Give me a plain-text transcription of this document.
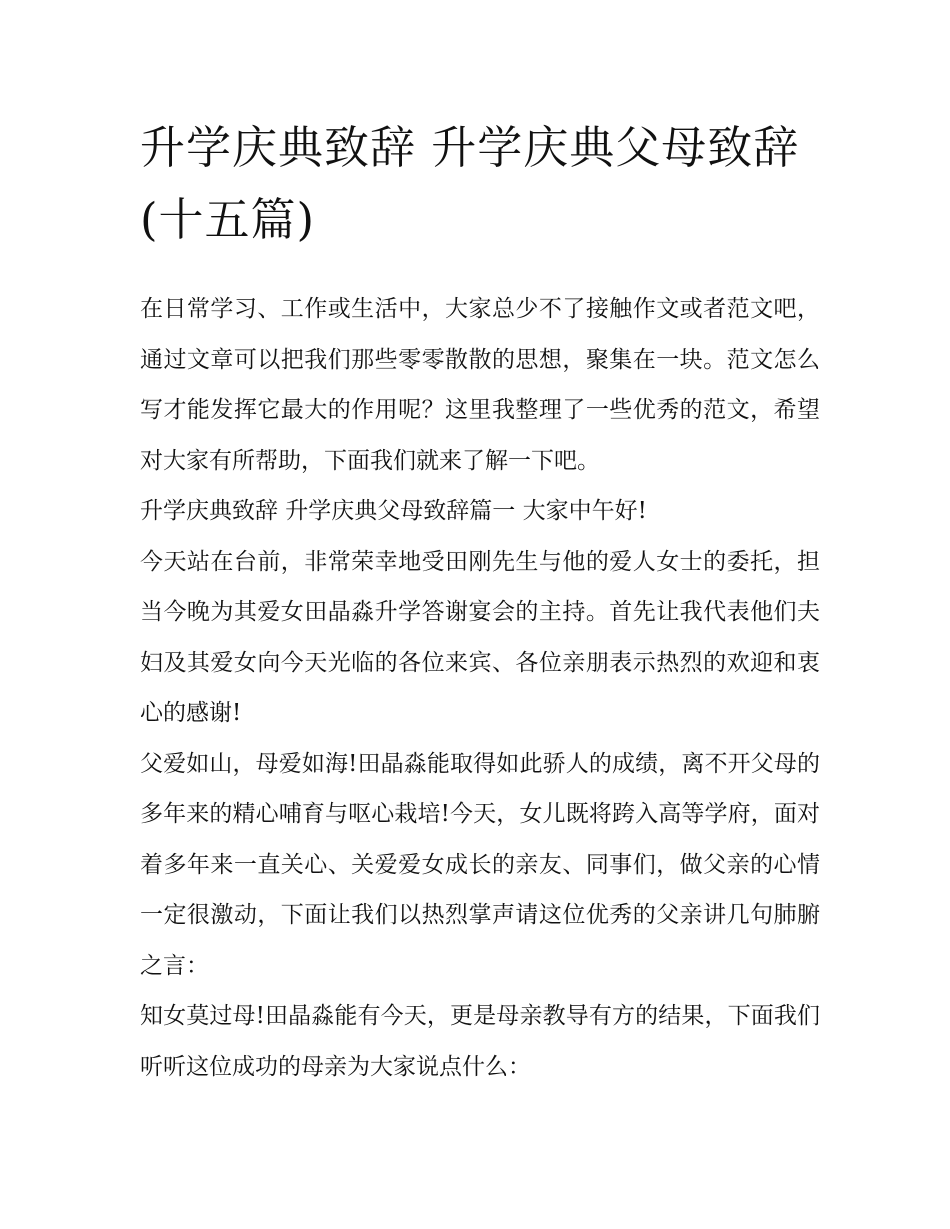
升学庆典致辞 升学庆典父母致辞(十五篇)

在日常学习、工作或生活中，大家总少不了接触作文或者范文吧，通过文章可以把我们那些零零散散的思想，聚集在一块。范文怎么写才能发挥它最大的作用呢？这里我整理了一些优秀的范文，希望对大家有所帮助，下面我们就来了解一下吧。

升学庆典致辞 升学庆典父母致辞篇一 大家中午好!

今天站在台前，非常荣幸地受田刚先生与他的爱人女士的委托，担当今晚为其爱女田晶淼升学答谢宴会的主持。首先让我代表他们夫妇及其爱女向今天光临的各位来宾、各位亲朋表示热烈的欢迎和衷心的感谢!

父爱如山，母爱如海!田晶淼能取得如此骄人的成绩，离不开父母的多年来的精心哺育与呕心栽培!今天，女儿既将跨入高等学府，面对着多年来一直关心、关爱爱女成长的亲友、同事们，做父亲的心情一定很激动，下面让我们以热烈掌声请这位优秀的父亲讲几句肺腑之言：

知女莫过母!田晶淼能有今天，更是母亲教导有方的结果，下面我们听听这位成功的母亲为大家说点什么：
